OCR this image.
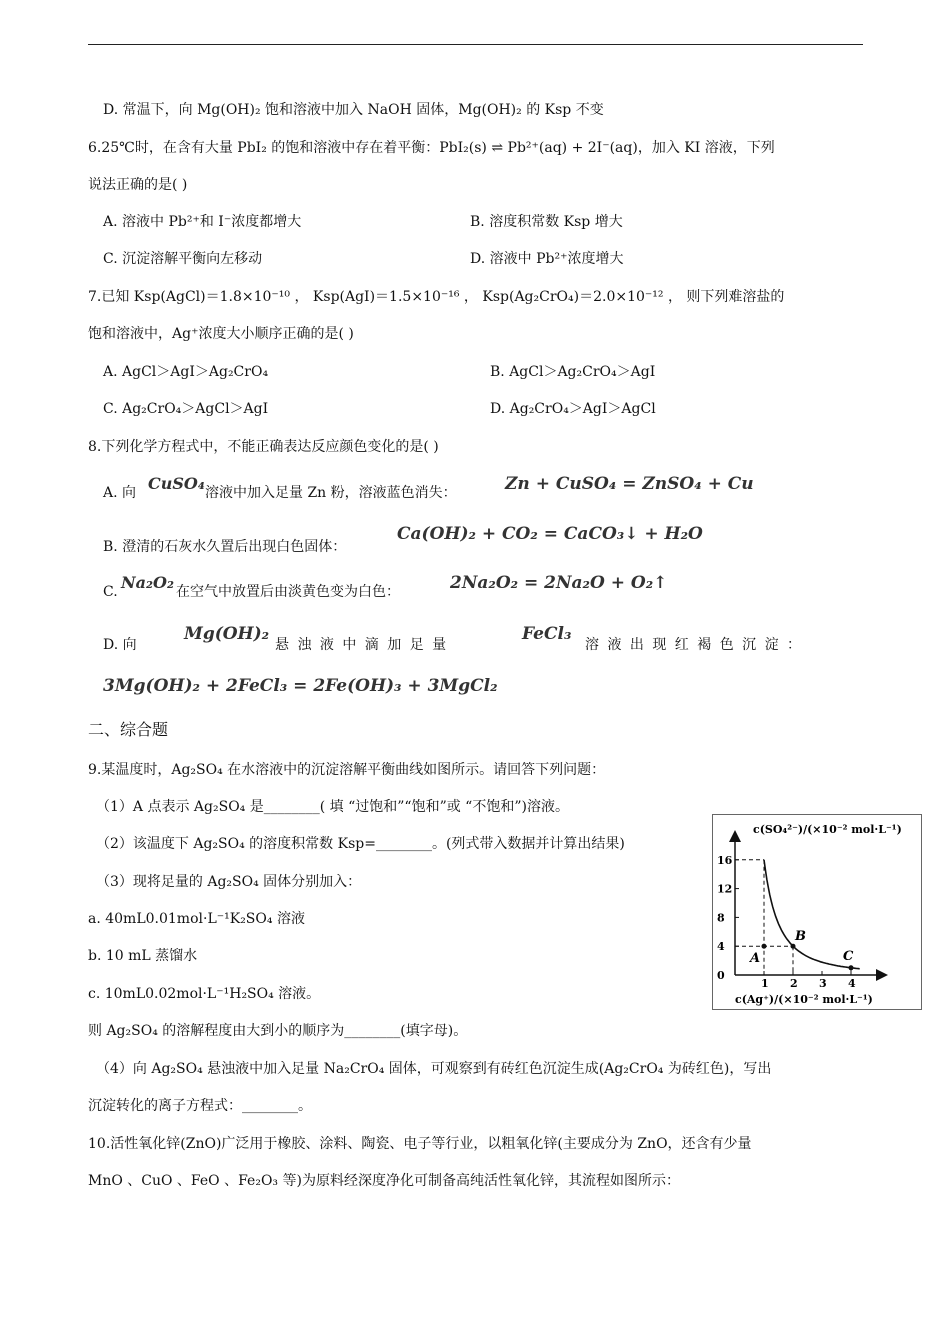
D. 常温下，向 Mg(OH)₂ 饱和溶液中加入 NaOH 固体，Mg(OH)₂ 的 Ksp 不变
6.25℃时，在含有大量 PbI₂ 的饱和溶液中存在着平衡：PbI₂(s) ⇌ Pb²⁺(aq) + 2I⁻(aq)，加入 KI 溶液，下列
说法正确的是( )
A. 溶液中 Pb²⁺和 I⁻浓度都增大	B. 溶度积常数 Ksp 增大
C. 沉淀溶解平衡向左移动	D. 溶液中 Pb²⁺浓度增大
7.已知 Ksp(AgCl)＝1.8×10⁻¹⁰ ， Ksp(AgI)＝1.5×10⁻¹⁶ ， Ksp(Ag₂CrO₄)＝2.0×10⁻¹² ， 则下列难溶盐的
饱和溶液中，Ag⁺浓度大小顺序正确的是( )
A. AgCl＞AgI＞Ag₂CrO₄	B. AgCl＞Ag₂CrO₄＞AgI
C. Ag₂CrO₄＞AgCl＞AgI	D. Ag₂CrO₄＞AgI＞AgCl
8.下列化学方程式中，不能正确表达反应颜色变化的是( )
A. 向 CuSO₄ 溶液中加入足量 Zn 粉，溶液蓝色消失：	Zn + CuSO₄ = ZnSO₄ + Cu
B. 澄清的石灰水久置后出现白色固体：
Ca(OH)₂ + CO₂ = CaCO₃↓ + H₂O
C. Na₂O₂ 在空气中放置后由淡黄色变为白色：	2Na₂O₂ = 2Na₂O + O₂↑
D. 向
Mg(OH)₂
悬 浊 液 中 滴 加 足 量
FeCl₃
溶 液 出 现 红 褐 色 沉 淀 ：
3Mg(OH)₂ + 2FeCl₃ = 2Fe(OH)₃ + 3MgCl₂
二、综合题
9.某温度时，Ag₂SO₄ 在水溶液中的沉淀溶解平衡曲线如图所示。请回答下列问题：
（1）A 点表示 Ag₂SO₄ 是________( 填 “过饱和”“饱和”或 “不饱和”)溶液。
（2）该温度下 Ag₂SO₄ 的溶度积常数 Ksp=________。(列式带入数据并计算出结果)
（3）现将足量的 Ag₂SO₄ 固体分别加入：
a. 40mL0.01mol·L⁻¹K₂SO₄ 溶液
b. 10 mL 蒸馏水
c. 10mL0.02mol·L⁻¹H₂SO₄ 溶液。
则 Ag₂SO₄ 的溶解程度由大到小的顺序为________(填字母)。
（4）向 Ag₂SO₄ 悬浊液中加入足量 Na₂CrO₄ 固体，可观察到有砖红色沉淀生成(Ag₂CrO₄ 为砖红色)，写出
沉淀转化的离子方程式：________。
10.活性氧化锌(ZnO)广泛用于橡胶、涂料、陶瓷、电子等行业，以粗氧化锌(主要成分为 ZnO，还含有少量
MnO 、CuO 、FeO 、Fe₂O₃ 等)为原料经深度净化可制备高纯活性氧化锌，其流程如图所示：
c(SO₄²⁻)/(×10⁻² mol·L⁻¹)
c(Ag⁺)/(×10⁻² mol·L⁻¹)
16
12
8
4
0
1 2 3 4
A
B
C
